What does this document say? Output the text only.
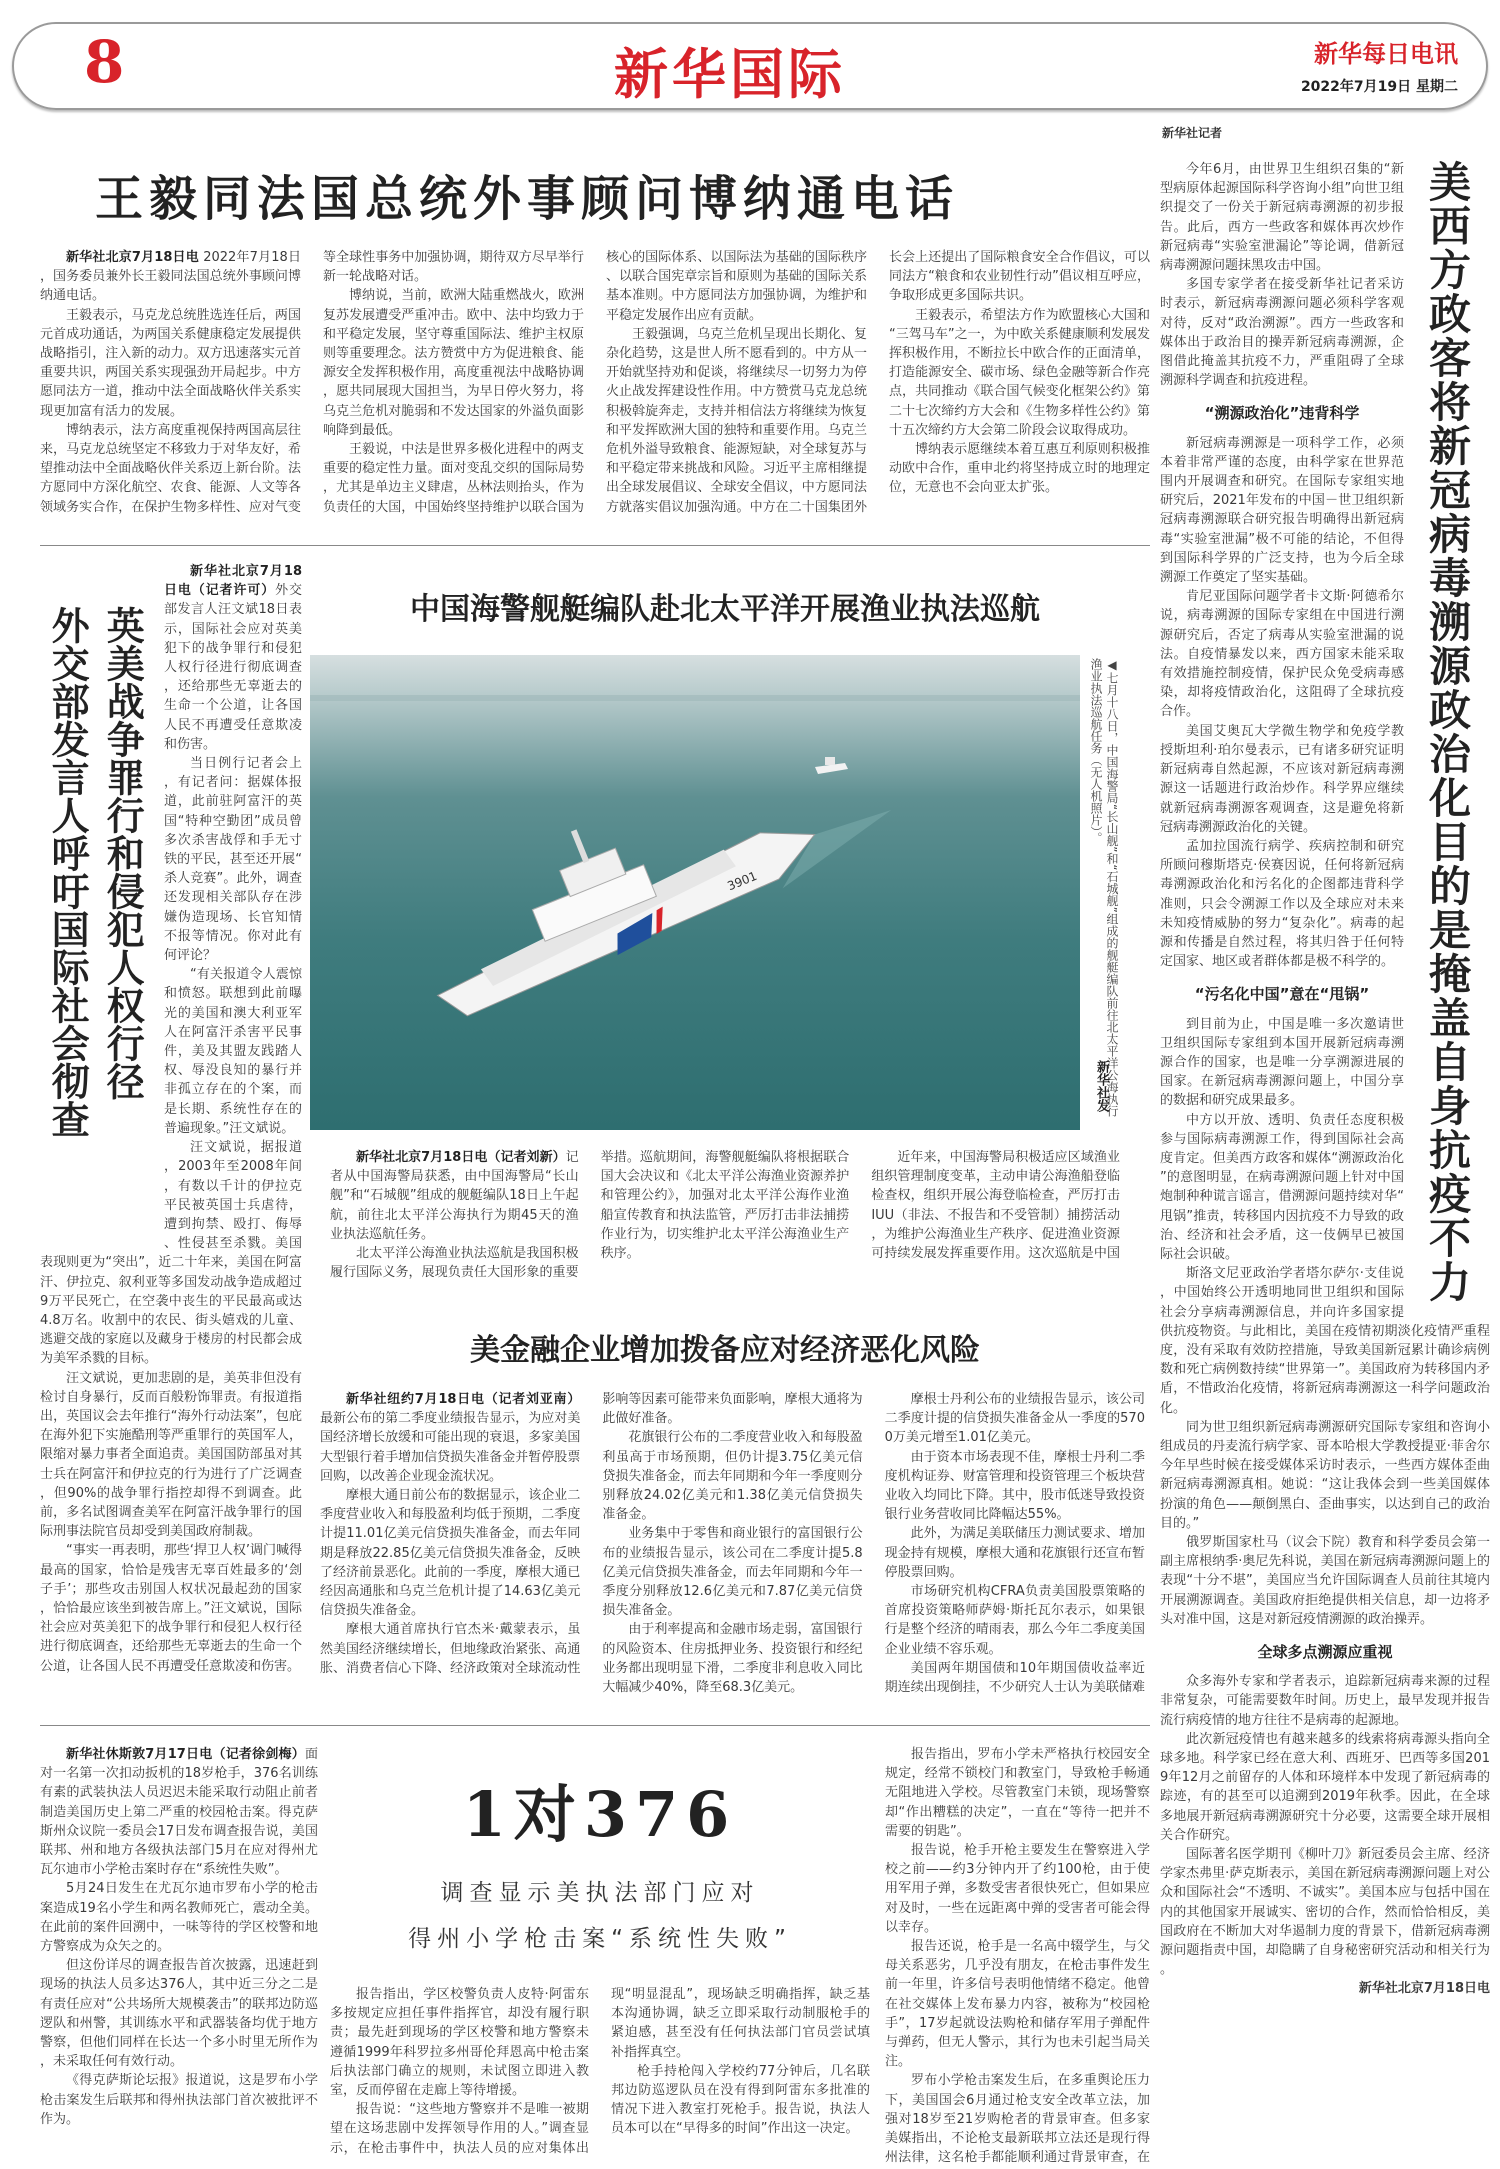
8	新华国际	新华每日电讯
2022年7月19日 星期二
王毅同法国总统外事顾问博纳通电话

新华社北京7月18日电 2022年7月18日，国务委员兼外长王毅同法国总统外事顾问博纳通电话。

王毅表示，马克龙总统胜选连任后，两国元首成功通话，为两国关系健康稳定发展提供战略指引，注入新的动力。双方迅速落实元首重要共识，两国关系实现强劲开局起步。中方愿同法方一道，推动中法全面战略伙伴关系实现更加富有活力的发展。

博纳表示，法方高度重视保持两国高层往来，马克龙总统坚定不移致力于对华友好，希望推动法中全面战略伙伴关系迈上新台阶。法方愿同中方深化航空、农食、能源、人文等各领域务实合作，在保护生物多样性、应对气变等全球性事务中加强协调，期待双方尽早举行新一轮战略对话。

博纳说，当前，欧洲大陆重燃战火，欧洲复苏发展遭受严重冲击。欧中、法中均致力于和平稳定发展，坚守尊重国际法、维护主权原则等重要理念。法方赞赏中方为促进粮食、能源安全发挥积极作用，高度重视法中战略协调，愿共同展现大国担当，为早日停火努力，将乌克兰危机对脆弱和不发达国家的外溢负面影响降到最低。

王毅说，中法是世界多极化进程中的两支重要的稳定性力量。面对变乱交织的国际局势，尤其是单边主义肆虐，丛林法则抬头，作为负责任的大国，中国始终坚持维护以联合国为核心的国际体系、以国际法为基础的国际秩序、以联合国宪章宗旨和原则为基础的国际关系基本准则。中方愿同法方加强协调，为维护和平稳定发展作出应有贡献。

王毅强调，乌克兰危机呈现出长期化、复杂化趋势，这是世人所不愿看到的。中方从一开始就坚持劝和促谈，将继续尽一切努力为停火止战发挥建设性作用。中方赞赏马克龙总统积极斡旋奔走，支持并相信法方将继续为恢复和平发挥欧洲大国的独特和重要作用。乌克兰危机外溢导致粮食、能源短缺，对全球复苏与和平稳定带来挑战和风险。习近平主席相继提出全球发展倡议、全球安全倡议，中方愿同法方就落实倡议加强沟通。中方在二十国集团外长会上还提出了国际粮食安全合作倡议，可以同法方“粮食和农业韧性行动”倡议相互呼应，争取形成更多国际共识。

王毅表示，希望法方作为欧盟核心大国和“三驾马车”之一，为中欧关系健康顺利发展发挥积极作用，不断拉长中欧合作的正面清单，打造能源安全、碳市场、绿色金融等新合作亮点，共同推动《联合国气候变化框架公约》第二十七次缔约方大会和《生物多样性公约》第十五次缔约方大会第二阶段会议取得成功。

博纳表示愿继续本着互惠互利原则积极推动欧中合作，重申北约将坚持成立时的地理定位，无意也不会向亚太扩张。

外交部发言人呼吁国际社会彻查 英美战争罪行和侵犯人权行径

新华社北京7月18日电（记者许可）外交部发言人汪文斌18日表示，国际社会应对英美犯下的战争罪行和侵犯人权行径进行彻底调查，还给那些无辜逝去的生命一个公道，让各国人民不再遭受任意欺凌和伤害。

当日例行记者会上，有记者问：据媒体报道，此前驻阿富汗的英国“特种空勤团”成员曾多次杀害战俘和手无寸铁的平民，甚至还开展“杀人竞赛”。此外，调查还发现相关部队存在涉嫌伪造现场、长官知情不报等情况。你对此有何评论？

“有关报道令人震惊和愤怒。联想到此前曝光的美国和澳大利亚军人在阿富汗杀害平民事件，美及其盟友践踏人权、辱没良知的暴行并非孤立存在的个案，而是长期、系统性存在的普遍现象。”汪文斌说。

汪文斌说，据报道，2003年至2008年间，有数以千计的伊拉克平民被英国士兵虐待，遭到拘禁、殴打、侮辱、性侵甚至杀戮。美国表现则更为“突出”，近二十年来，美国在阿富汗、伊拉克、叙利亚等多国发动战争造成超过9万平民死亡，在空袭中丧生的平民最高或达4.8万名。收割中的农民、街头嬉戏的儿童、逃避交战的家庭以及藏身于楼房的村民都会成为美军杀戮的目标。

汪文斌说，更加悲剧的是，美英非但没有检讨自身暴行，反而百般粉饰罪责。有报道指出，英国议会去年推行“海外行动法案”，包庇在海外犯下实施酷刑等严重罪行的英国军人，限缩对暴力事者全面追责。美国国防部虽对其士兵在阿富汗和伊拉克的行为进行了广泛调查，但90%的战争罪行指控却得不到调查。此前，多名试图调查美军在阿富汗战争罪行的国际刑事法院官员却受到美国政府制裁。

“事实一再表明，那些‘捍卫人权’调门喊得最高的国家，恰恰是残害无辜百姓最多的‘刽子手’；那些攻击别国人权状况最起劲的国家，恰恰最应该坐到被告席上。”汪文斌说，国际社会应对英美犯下的战争罪行和侵犯人权行径进行彻底调查，还给那些无辜逝去的生命一个公道，让各国人民不再遭受任意欺凌和伤害。

中国海警舰艇编队赴北太平洋开展渔业执法巡航
3901	◀七月十八日，中国海警局“长山舰”和“石城舰”组成的舰艇编队前往北太平洋公海执行渔业执法巡航任务（无人机照片）。
新华社发

新华社北京7月18日电（记者刘新）记者从中国海警局获悉，由中国海警局“长山舰”和“石城舰”组成的舰艇编队18日上午起航，前往北太平洋公海执行为期45天的渔业执法巡航任务。

北太平洋公海渔业执法巡航是我国积极履行国际义务，展现负责任大国形象的重要举措。巡航期间，海警舰艇编队将根据联合国大会决议和《北太平洋公海渔业资源养护和管理公约》，加强对北太平洋公海作业渔船宣传教育和执法监管，严厉打击非法捕捞作业行为，切实维护北太平洋公海渔业生产秩序。

近年来，中国海警局积极适应区域渔业组织管理制度变革，主动申请公海渔船登临检查权，组织开展公海登临检查，严厉打击IUU（非法、不报告和不受管制）捕捞活动，为维护公海渔业生产秩序、促进渔业资源可持续发展发挥重要作用。这次巡航是中国

美金融企业增加拨备应对经济恶化风险

新华社纽约7月18日电（记者刘亚南）最新公布的第二季度业绩报告显示，为应对美国经济增长放缓和可能出现的衰退，多家美国大型银行着手增加信贷损失准备金并暂停股票回购，以改善企业现金流状况。

摩根大通日前公布的数据显示，该企业二季度营业收入和每股盈利均低于预期，二季度计提11.01亿美元信贷损失准备金，而去年同期是释放22.85亿美元信贷损失准备金，反映了经济前景恶化。此前的一季度，摩根大通已经因高通胀和乌克兰危机计提了14.63亿美元信贷损失准备金。

摩根大通首席执行官杰米·戴蒙表示，虽然美国经济继续增长，但地缘政治紧张、高通胀、消费者信心下降、经济政策对全球流动性影响等因素可能带来负面影响，摩根大通将为此做好准备。

花旗银行公布的二季度营业收入和每股盈利虽高于市场预期，但仍计提3.75亿美元信贷损失准备金，而去年同期和今年一季度则分别释放24.02亿美元和1.38亿美元信贷损失准备金。

业务集中于零售和商业银行的富国银行公布的业绩报告显示，该公司在二季度计提5.8亿美元信贷损失准备金，而去年同期和今年一季度分别释放12.6亿美元和7.87亿美元信贷损失准备金。

由于利率提高和金融市场走弱，富国银行的风险资本、住房抵押业务、投资银行和经纪业务都出现明显下滑，二季度非利息收入同比大幅减少40%，降至68.3亿美元。

摩根士丹利公布的业绩报告显示，该公司二季度计提的信贷损失准备金从一季度的5700万美元增至1.01亿美元。

由于资本市场表现不佳，摩根士丹利二季度机构证券、财富管理和投资管理三个板块营业收入均同比下降。其中，股市低迷导致投资银行业务营收同比降幅达55%。

此外，为满足美联储压力测试要求、增加现金持有规模，摩根大通和花旗银行还宣布暂停股票回购。

市场研究机构CFRA负责美国股票策略的首席投资策略师萨姆·斯托瓦尔表示，如果银行是整个经济的晴雨表，那么今年二季度美国企业业绩不容乐观。

美国两年期国债和10年期国债收益率近期连续出现倒挂，不少研究人士认为美联储难

新华社休斯敦7月17日电（记者徐剑梅）面对一名第一次扣动扳机的18岁枪手，376名训练有素的武装执法人员迟迟未能采取行动阻止前者制造美国历史上第二严重的校园枪击案。得克萨斯州众议院一委员会17日发布调查报告说，美国联邦、州和地方各级执法部门5月在应对得州尤瓦尔迪市小学枪击案时存在“系统性失败”。

5月24日发生在尤瓦尔迪市罗布小学的枪击案造成19名小学生和两名教师死亡，震动全美。在此前的案件回溯中，一味等待的学区校警和地方警察成为众矢之的。

但这份详尽的调查报告首次披露，迅速赶到现场的执法人员多达376人，其中近三分之二是有责任应对“公共场所大规模袭击”的联邦边防巡逻队和州警，其训练水平和武器装备均优于地方警察，但他们同样在长达一个多小时里无所作为，未采取任何有效行动。

《得克萨斯论坛报》报道说，这是罗布小学枪击案发生后联邦和得州执法部门首次被批评不作为。

1对376
调查显示美执法部门应对
得州小学枪击案“系统性失败”

报告指出，学区校警负责人皮特·阿雷东多按规定应担任事件指挥官，却没有履行职责；最先赶到现场的学区校警和地方警察未遵循1999年科罗拉多州哥伦拜恩高中枪击案后执法部门确立的规则，未试图立即进入教室，反而停留在走廊上等待增援。

报告说：“这些地方警察并不是唯一被期望在这场悲剧中发挥领导作用的人。”调查显示，在枪击事件中，执法人员的应对集体出现“明显混乱”，现场缺乏明确指挥，缺乏基本沟通协调，缺乏立即采取行动制服枪手的紧迫感，甚至没有任何执法部门官员尝试填补指挥真空。

枪手持枪闯入学校约77分钟后，几名联邦边防巡逻队员在没有得到阿雷东多批准的情况下进入教室打死枪手。报告说，执法人员本可以在“早得多的时间”作出这一决定。

报告指出，罗布小学未严格执行校园安全规定，经常不锁校门和教室门，导致枪手畅通无阻地进入学校。尽管教室门未锁，现场警察却“作出糟糕的决定”，一直在“等待一把并不需要的钥匙”。

报告说，枪手开枪主要发生在警察进入学校之前——约3分钟内开了约100枪，由于使用军用子弹，多数受害者很快死亡，但如果应对及时，一些在远距离中弹的受害者可能会得以幸存。

报告还说，枪手是一名高中辍学生，与父母关系恶劣，几乎没有朋友，在枪击事件发生前一年里，许多信号表明他情绪不稳定。他曾在社交媒体上发布暴力内容，被称为“校园枪手”，17岁起就设法购枪和储存军用子弹配件与弹药，但无人警示，其行为也未引起当局关注。

罗布小学枪击案发生后，在多重舆论压力下，美国国会6月通过枪支安全改革立法，加强对18岁至21岁购枪者的背景审查。但多家美媒指出，不论枪支最新联邦立法还是现行得州法律，这名枪手都能顺利通过背景审查，在

新华社记者
美西方政客将新冠病毒溯源政治化目的是掩盖自身抗疫不力

今年6月，由世界卫生组织召集的“新型病原体起源国际科学咨询小组”向世卫组织提交了一份关于新冠病毒溯源的初步报告。此后，西方一些政客和媒体再次炒作新冠病毒“实验室泄漏论”等论调，借新冠病毒溯源问题抹黑攻击中国。

多国专家学者在接受新华社记者采访时表示，新冠病毒溯源问题必须科学客观对待，反对“政治溯源”。西方一些政客和媒体出于政治目的操弄新冠病毒溯源，企图借此掩盖其抗疫不力，严重阻碍了全球溯源科学调查和抗疫进程。

“溯源政治化”违背科学

新冠病毒溯源是一项科学工作，必须本着非常严谨的态度，由科学家在世界范围内开展调查和研究。在国际专家组实地研究后，2021年发布的中国－世卫组织新冠病毒溯源联合研究报告明确得出新冠病毒“实验室泄漏”极不可能的结论，不但得到国际科学界的广泛支持，也为今后全球溯源工作奠定了坚实基础。

肯尼亚国际问题学者卡文斯·阿德希尔说，病毒溯源的国际专家组在中国进行溯源研究后，否定了病毒从实验室泄漏的说法。自疫情暴发以来，西方国家未能采取有效措施控制疫情，保护民众免受病毒感染，却将疫情政治化，这阻碍了全球抗疫合作。

美国艾奥瓦大学微生物学和免疫学教授斯坦利·珀尔曼表示，已有诸多研究证明新冠病毒自然起源，不应该对新冠病毒溯源这一话题进行政治炒作。科学界应继续就新冠病毒溯源客观调查，这是避免将新冠病毒溯源政治化的关键。

孟加拉国流行病学、疾病控制和研究所顾问穆斯塔克·侯赛因说，任何将新冠病毒溯源政治化和污名化的企图都违背科学准则，只会令溯源工作以及全球应对未来未知疫情威胁的努力“复杂化”。病毒的起源和传播是自然过程，将其归咎于任何特定国家、地区或者群体都是极不科学的。

“污名化中国”意在“甩锅”

到目前为止，中国是唯一多次邀请世卫组织国际专家组到本国开展新冠病毒溯源合作的国家，也是唯一分享溯源进展的国家。在新冠病毒溯源问题上，中国分享的数据和研究成果最多。

中方以开放、透明、负责任态度积极参与国际病毒溯源工作，得到国际社会高度肯定。但美西方政客和媒体“溯源政治化”的意图明显，在病毒溯源问题上针对中国炮制种种谎言谣言，借溯源问题持续对华“甩锅”推责，转移国内因抗疫不力导致的政治、经济和社会矛盾，这一伎俩早已被国际社会识破。

斯洛文尼亚政治学者塔尔萨尔·支佳说，中国始终公开透明地同世卫组织和国际社会分享病毒溯源信息，并向许多国家提供抗疫物资。与此相比，美国在疫情初期淡化疫情严重程度，没有采取有效防控措施，导致美国新冠累计确诊病例数和死亡病例数持续“世界第一”。美国政府为转移国内矛盾，不惜政治化疫情，将新冠病毒溯源这一科学问题政治化。

同为世卫组织新冠病毒溯源研究国际专家组和咨询小组成员的丹麦流行病学家、哥本哈根大学教授提亚·菲舍尔今年早些时候在接受媒体采访时表示，一些西方媒体歪曲新冠病毒溯源真相。她说：“这让我体会到一些美国媒体扮演的角色——颠倒黑白、歪曲事实，以达到自己的政治目的。”

俄罗斯国家杜马（议会下院）教育和科学委员会第一副主席根纳季·奥尼先科说，美国在新冠病毒溯源问题上的表现“十分不堪”，美国应当允许国际调查人员前往其境内开展溯源调查。美国政府拒绝提供相关信息，却一边将矛头对准中国，这是对新冠疫情溯源的政治操弄。

全球多点溯源应重视

众多海外专家和学者表示，追踪新冠病毒来源的过程非常复杂，可能需要数年时间。历史上，最早发现并报告流行病疫情的地方往往不是病毒的起源地。

此次新冠疫情也有越来越多的线索将病毒源头指向全球多地。科学家已经在意大利、西班牙、巴西等多国2019年12月之前留存的人体和环境样本中发现了新冠病毒的踪迹，有的甚至可以追溯到2019年秋季。因此，在全球多地展开新冠病毒溯源研究十分必要，这需要全球开展相关合作研究。

国际著名医学期刊《柳叶刀》新冠委员会主席、经济学家杰弗里·萨克斯表示，美国在新冠病毒溯源问题上对公众和国际社会“不透明、不诚实”。美国本应与包括中国在内的其他国家开展诚实、密切的合作，然而恰恰相反，美国政府在不断加大对华遏制力度的背景下，借新冠病毒溯源问题指责中国，却隐瞒了自身秘密研究活动和相关行为。

新华社北京7月18日电
